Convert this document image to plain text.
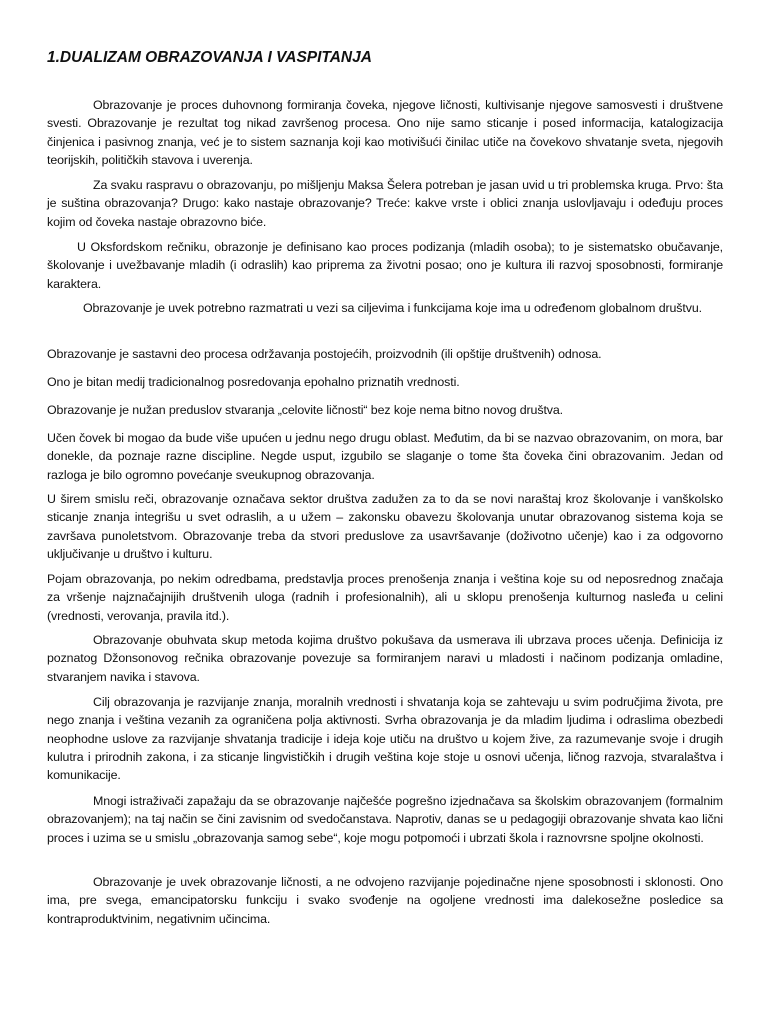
1.DUALIZAM OBRAZOVANJA I VASPITANJA

Obrazovanje je proces duhovnong formiranja čoveka, njegove ličnosti, kultivisanje njegove samosvesti i društvene svesti. Obrazovanje je rezultat tog nikad završenog procesa. Ono nije samo sticanje i posed informacija, katalogizacija činjenica i pasivnog znanja, već je to sistem saznanja koji kao motivišući činilac utiče na čovekovo shvatanje sveta, njegovih teorijskih, političkih stavova i uverenja.

Za svaku raspravu o obrazovanju, po mišljenju Maksa Šelera potreban je jasan uvid u tri problemska kruga. Prvo: šta je suština obrazovanja? Drugo: kako nastaje obrazovanje? Treće: kakve vrste i oblici znanja uslovljavaju i odeđuju proces kojim od čoveka nastaje obrazovno biće.

U Oksfordskom rečniku, obrazonje je definisano kao proces podizanja (mladih osoba); to je sistematsko obučavanje, školovanje i uvežbavanje mladih (i odraslih) kao priprema za životni posao; ono je kultura ili razvoj sposobnosti, formiranje karaktera.

Obrazovanje je uvek potrebno razmatrati u vezi sa ciljevima i funkcijama koje ima u određenom globalnom društvu.

Obrazovanje je sastavni deo procesa održavanja postojećih, proizvodnih (ili opštije društvenih) odnosa.

Ono je bitan medij tradicionalnog posredovanja epohalno priznatih vrednosti.

Obrazovanje je nužan preduslov stvaranja „celovite ličnosti“ bez koje nema bitno novog društva.

Učen čovek bi mogao da bude više upućen u jednu nego drugu oblast. Međutim, da bi se nazvao obrazovanim, on mora, bar donekle, da poznaje razne discipline. Negde usput, izgubilo se slaganje o tome šta čoveka čini obrazovanim. Jedan od razloga je bilo ogromno povećanje sveukupnog obrazovanja.

U širem smislu reči, obrazovanje označava sektor društva zadužen za to da se novi naraštaj kroz školovanje i vanškolsko sticanje znanja integrišu u svet odraslih, a u užem – zakonsku obavezu školovanja unutar obrazovanog sistema koja se završava punoletstvom. Obrazovanje treba da stvori preduslove za usavršavanje (doživotno učenje) kao i za odgovorno uključivanje u društvo i kulturu.

Pojam obrazovanja, po nekim odredbama, predstavlja proces prenošenja znanja i veština koje su od neposrednog značaja za vršenje najznačajnijih društvenih uloga (radnih i profesionalnih), ali u sklopu prenošenja kulturnog nasleđa u celini (vrednosti, verovanja, pravila itd.).

Obrazovanje obuhvata skup metoda kojima društvo pokušava da usmerava ili ubrzava proces učenja. Definicija iz poznatog Džonsonovog rečnika obrazovanje povezuje sa formiranjem naravi u mladosti i načinom podizanja omladine, stvaranjem navika i stavova.

Cilj obrazovanja je razvijanje znanja, moralnih vrednosti i shvatanja koja se zahtevaju u svim područjima života, pre nego znanja i veština vezanih za ograničena polja aktivnosti. Svrha obrazovanja je da mladim ljudima i odraslima obezbedi neophodne uslove za razvijanje shvatanja tradicije i ideja koje utiču na društvo u kojem žive, za razumevanje svoje i drugih kulutra i prirodnih zakona, i za sticanje lingvističkih i drugih veština koje stoje u osnovi učenja, ličnog razvoja, stvaralaštva i komunikacije.

Mnogi istraživači zapažaju da se obrazovanje najčešće pogrešno izjednačava sa školskim obrazovanjem (formalnim obrazovanjem); na taj način se čini zavisnim od svedočanstava. Naprotiv, danas se u pedagogiji obrazovanje shvata kao lični proces i uzima se u smislu „obrazovanja samog sebe“, koje mogu potpomoći i ubrzati škola i raznovrsne spoljne okolnosti.

Obrazovanje je uvek obrazovanje ličnosti, a ne odvojeno razvijanje pojedinačne njene sposobnosti i sklonosti. Ono ima, pre svega, emancipatorsku funkciju i svako svođenje na ogoljene vrednosti ima dalekosežne posledice sa kontraproduktvinim, negativnim učincima.
